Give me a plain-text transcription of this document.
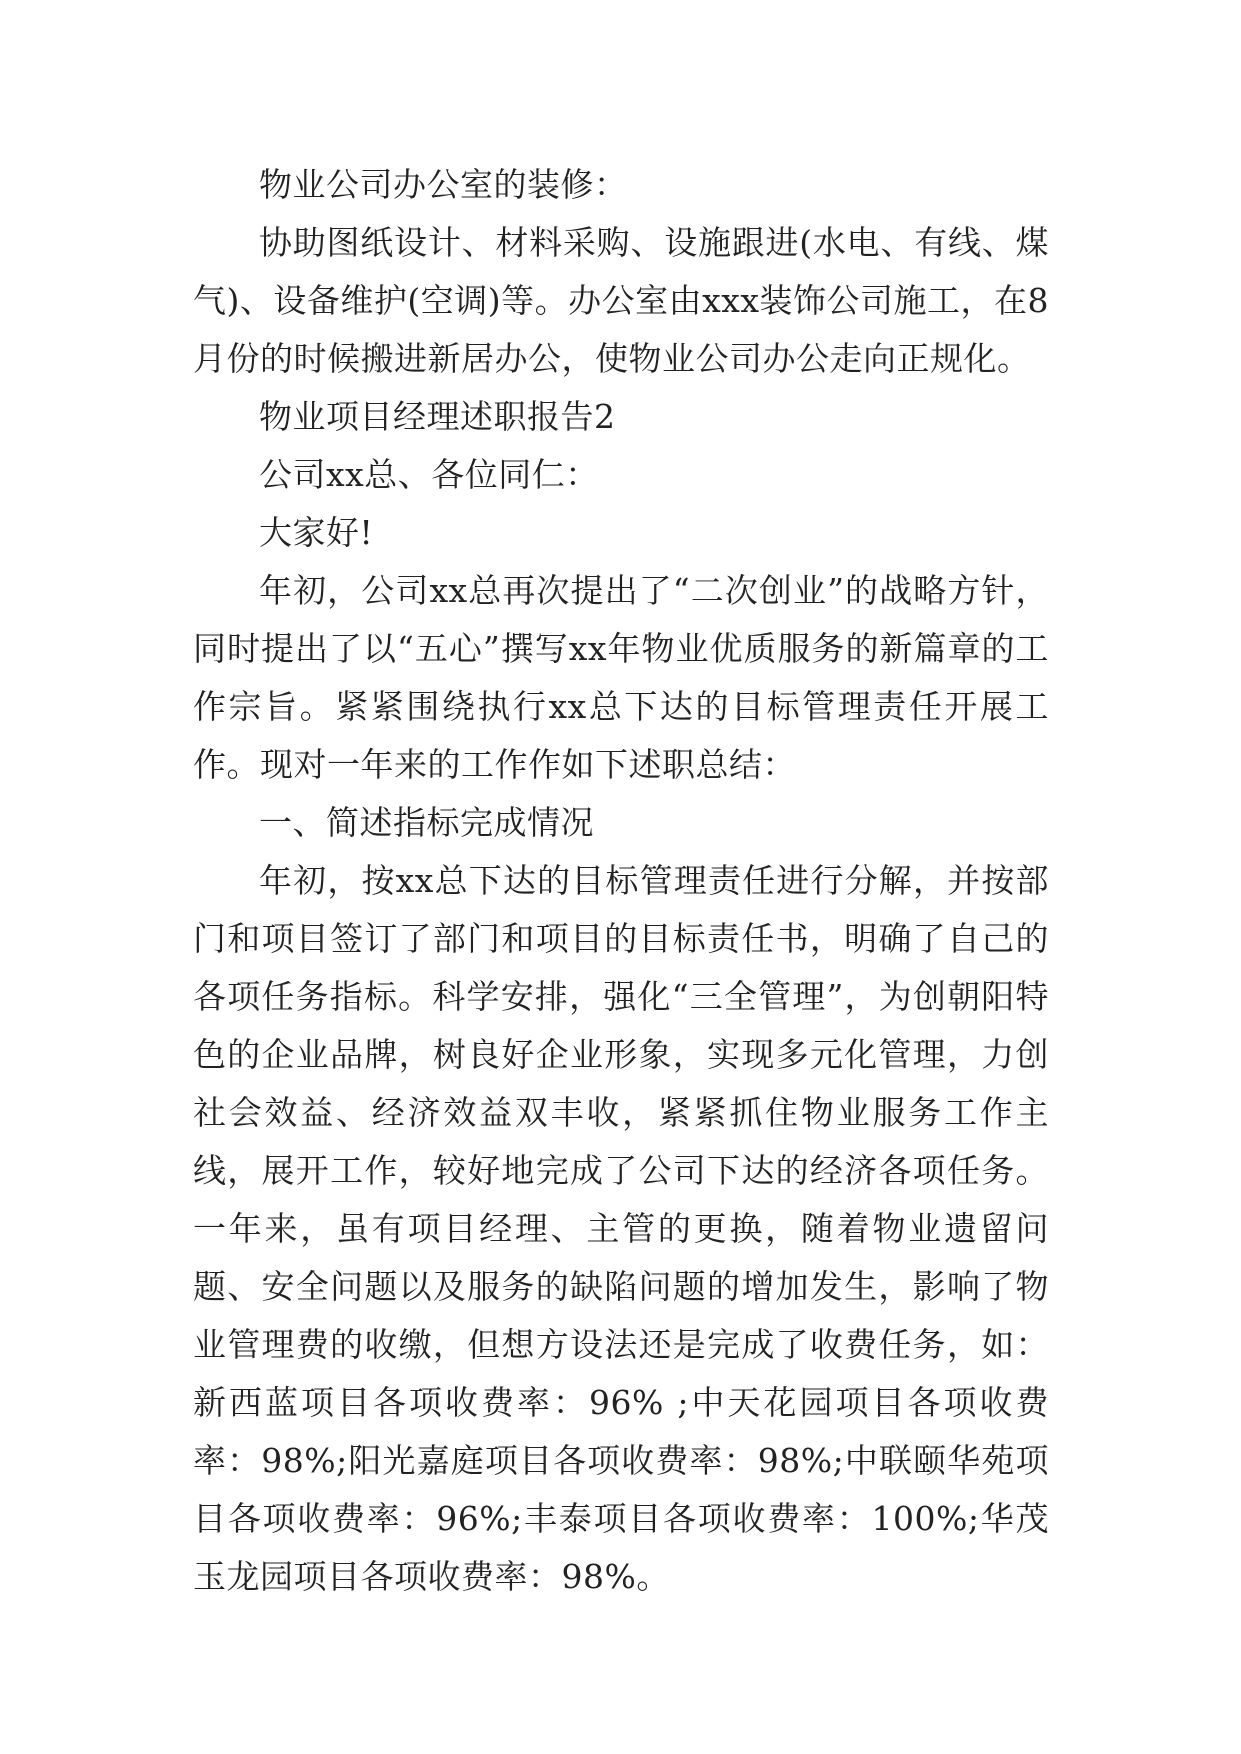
物业公司办公室的装修：

协助图纸设计、材料采购、设施跟进(水电、有线、煤气)、设备维护(空调)等。办公室由xxx装饰公司施工，在8月份的时候搬进新居办公，使物业公司办公走向正规化。

物业项目经理述职报告2

公司xx总、各位同仁：

大家好!

年初，公司xx总再次提出了“二次创业”的战略方针，同时提出了以“五心”撰写xx年物业优质服务的新篇章的工作宗旨。紧紧围绕执行xx总下达的目标管理责任开展工作。现对一年来的工作作如下述职总结：

一、简述指标完成情况

年初，按xx总下达的目标管理责任进行分解，并按部门和项目签订了部门和项目的目标责任书，明确了自己的各项任务指标。科学安排，强化“三全管理”，为创朝阳特色的企业品牌，树良好企业形象，实现多元化管理，力创社会效益、经济效益双丰收，紧紧抓住物业服务工作主线，展开工作，较好地完成了公司下达的经济各项任务。一年来，虽有项目经理、主管的更换，随着物业遗留问题、安全问题以及服务的缺陷问题的增加发生，影响了物业管理费的收缴，但想方设法还是完成了收费任务，如：新西蓝项目各项收费率：96% ;中天花园项目各项收费率：98%;阳光嘉庭项目各项收费率：98%;中联颐华苑项目各项收费率：96%;丰泰项目各项收费率：100%;华茂玉龙园项目各项收费率：98%。
